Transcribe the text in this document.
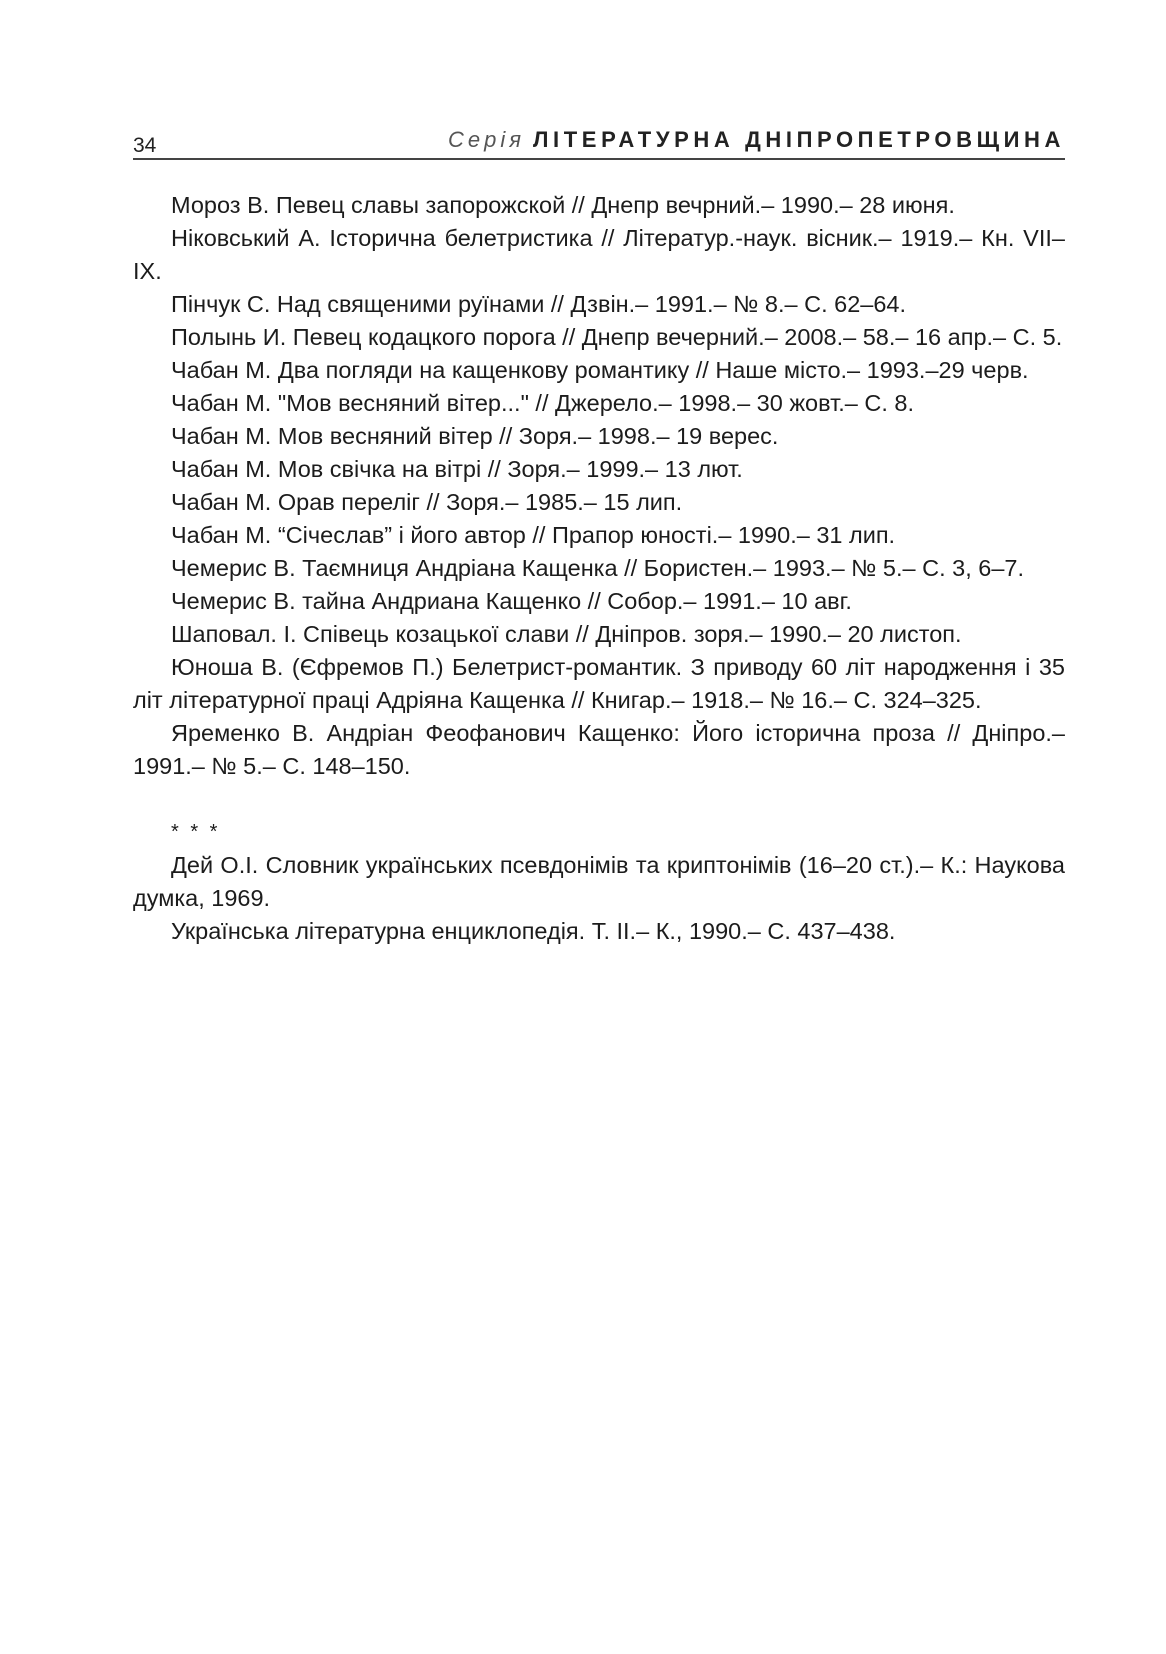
34	Серія ЛІТЕРАТУРНА ДНІПРОПЕТРОВЩИНА

Мороз В. Певец славы запорожской // Днепр вечрний.– 1990.– 28 июня.

Ніковський А. Історична белетристика // Літератур.-наук. вісник.– 1919.– Кн. VII–IX.

Пінчук С. Над священими руїнами // Дзвін.– 1991.– № 8.– С. 62–64.

Полынь И. Певец кодацкого порога // Днепр вечерний.– 2008.– 58.– 16 апр.– С. 5.

Чабан М. Два погляди на кащенкову романтику // Наше місто.– 1993.–29 черв.

Чабан М. "Мов весняний вітер..." // Джерело.– 1998.– 30 жовт.– С. 8.

Чабан М. Мов весняний вітер // Зоря.– 1998.– 19 верес.

Чабан М. Мов свічка на вітрі // Зоря.– 1999.– 13 лют.

Чабан М. Орав переліг // Зоря.– 1985.– 15 лип.

Чабан М. “Січеслав” і його автор // Прапор юності.– 1990.– 31 лип.

Чемерис В. Таємниця Андріана Кащенка // Бористен.– 1993.– № 5.– С. 3, 6–7.

Чемерис В. тайна Андриана Кащенко // Собор.– 1991.– 10 авг.

Шаповал. І. Співець козацької слави // Дніпров. зоря.– 1990.– 20 листоп.

Юноша В. (Єфремов П.) Белетрист-романтик. З приводу 60 літ народження і 35 літ літературної праці Адріяна Кащенка // Книгар.– 1918.– № 16.– С. 324–325.

Яременко В. Андріан Феофанович Кащенко: Його історична проза // Дніпро.– 1991.– № 5.– С. 148–150.

* * *

Дей О.І. Словник українських псевдонімів та криптонімів (16–20 ст.).– К.: Наукова думка, 1969.

Українська літературна енциклопедія. Т. ІІ.– К., 1990.– С. 437–438.
